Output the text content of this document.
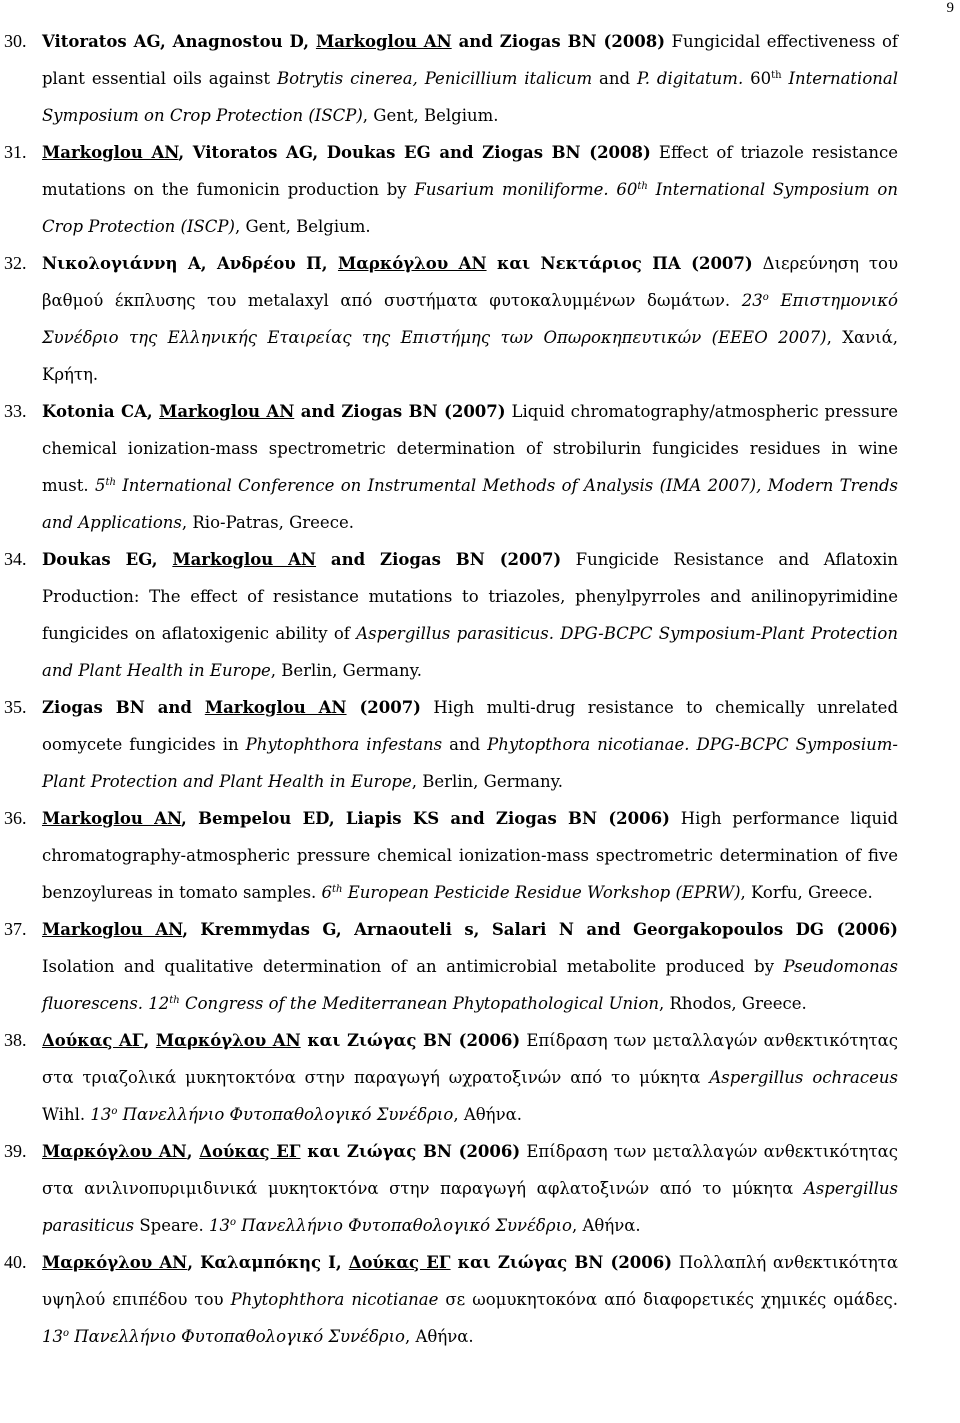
9
30. Vitoratos AG, Anagnostou D, Markoglou AN and Ziogas BN (2008) Fungicidal effectiveness of plant essential oils against Botrytis cinerea, Penicillium italicum and P. digitatum. 60th International Symposium on Crop Protection (ISCP), Gent, Belgium.
31. Markoglou AN, Vitoratos AG, Doukas EG and Ziogas BN (2008) Effect of triazole resistance mutations on the fumonicin production by Fusarium moniliforme. 60th International Symposium on Crop Protection (ISCP), Gent, Belgium.
32. Νικολογιάννη Α, Ανδρέου Π, Μαρκόγλου ΑΝ και Νεκτάριος ΠΑ (2007) Διερεύνηση του βαθμού έκπλυσης του metalaxyl από συστήματα φυτοκαλυμμένων δωμάτων. $23^o$ Επιστημονικό Συνέδριο της Ελληνικής Εταιρείας της Επιστήμης των Οπωροκηπευτικών (ΕΕΕΟ 2007), Χανιά, Κρήτη.
33. Kotonia CA, Markoglou AN and Ziogas BN (2007) Liquid chromatography/atmospheric pressure chemical ionization-mass spectrometric determination of strobilurin fungicides residues in wine must. 5th International Conference on Instrumental Methods of Analysis (IMA 2007), Modern Trends and Applications, Rio-Patras, Greece.
34. Doukas EG, Markoglou AN and Ziogas BN (2007) Fungicide Resistance and Aflatoxin Production: The effect of resistance mutations to triazoles, phenylpyrroles and anilinopyrimidine fungicides on aflatoxigenic ability of Aspergillus parasiticus. DPG-BCPC Symposium-Plant Protection and Plant Health in Europe, Berlin, Germany.
35. Ziogas BN and Markoglou AN (2007) High multi-drug resistance to chemically unrelated oomycete fungicides in Phytophthora infestans and Phytopthora nicotianae. DPG-BCPC Symposium-Plant Protection and Plant Health in Europe, Berlin, Germany.
36. Markoglou AN, Bempelou ED, Liapis KS and Ziogas BN (2006) High performance liquid chromatography-atmospheric pressure chemical ionization-mass spectrometric determination of five benzoylureas in tomato samples. 6th European Pesticide Residue Workshop (EPRW), Korfu, Greece.
37. Markoglou AN, Kremmydas G, Arnaouteli s, Salari N and Georgakopoulos DG (2006) Isolation and qualitative determination of an antimicrobial metabolite produced by Pseudomonas fluorescens. 12th Congress of the Mediterranean Phytopathological Union, Rhodos, Greece.
38. Δούκας ΑΓ, Μαρκόγλου ΑΝ και Ζιώγας ΒΝ (2006) Επίδραση των μεταλλαγών ανθεκτικότητας στα τριαζολικά μυκητοκτόνα στην παραγωγή ωχρατοξινών από το μύκητα Aspergillus ochraceus Wihl. $13^o$ Πανελλήνιο Φυτοπαθολογικό Συνέδριο, Αθήνα.
39. Μαρκόγλου ΑΝ, Δούκας ΕΓ και Ζιώγας ΒΝ (2006) Επίδραση των μεταλλαγών ανθεκτικότητας στα ανιλινοπυριμιδινικά μυκητοκτόνα στην παραγωγή αφλατοξινών από το μύκητα Aspergillus parasiticus Speare. $13^o$ Πανελλήνιο Φυτοπαθολογικό Συνέδριο, Αθήνα.
40. Μαρκόγλου ΑΝ, Καλαμπόκης Ι, Δούκας ΕΓ και Ζιώγας ΒΝ (2006) Πολλαπλή ανθεκτικότητα υψηλού επιπέδου του Phytophthora nicotianae σε ωομυκητοκόνα από διαφορετικές χημικές ομάδες. $13^o$ Πανελλήνιο Φυτοπαθολογικό Συνέδριο, Αθήνα.
